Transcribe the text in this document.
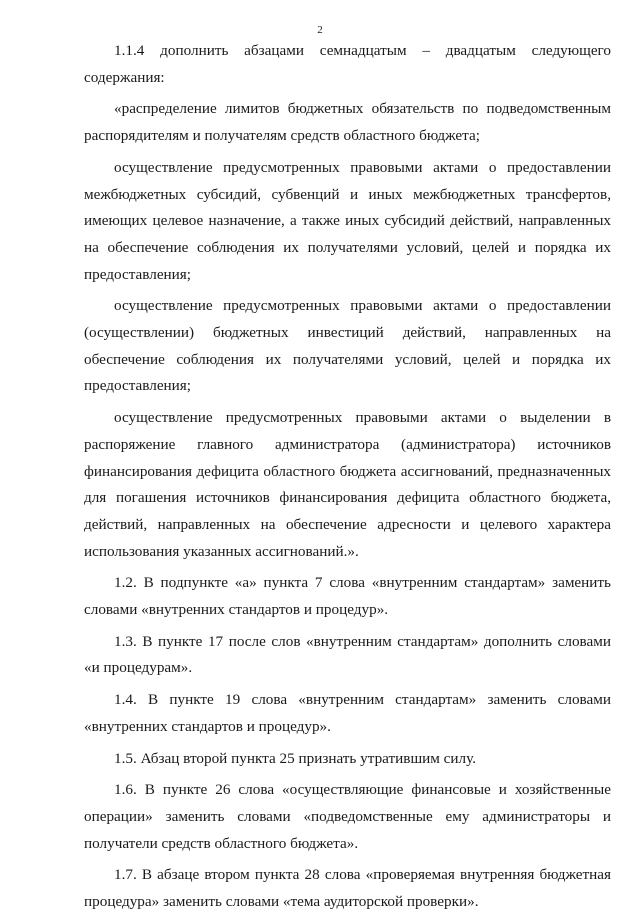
2

1.1.4 дополнить абзацами семнадцатым – двадцатым следующего содержания:

«распределение лимитов бюджетных обязательств по подведомственным распорядителям и получателям средств областного бюджета;

осуществление предусмотренных правовыми актами о предоставлении межбюджетных субсидий, субвенций и иных межбюджетных трансфертов, имеющих целевое назначение, а также иных субсидий действий, направленных на обеспечение соблюдения их получателями условий, целей и порядка их предоставления;

осуществление предусмотренных правовыми актами о предоставлении (осуществлении) бюджетных инвестиций действий, направленных на обеспечение соблюдения их получателями условий, целей и порядка их предоставления;

осуществление предусмотренных правовыми актами о выделении в распоряжение главного администратора (администратора) источников финансирования дефицита областного бюджета ассигнований, предназначенных для погашения источников финансирования дефицита областного бюджета, действий, направленных на обеспечение адресности и целевого характера использования указанных ассигнований.».

1.2. В подпункте «а» пункта 7 слова «внутренним стандартам» заменить словами «внутренних стандартов и процедур».

1.3. В пункте 17 после слов «внутренним стандартам» дополнить словами «и процедурам».

1.4. В пункте 19 слова «внутренним стандартам» заменить словами «внутренних стандартов и процедур».

1.5. Абзац второй пункта 25 признать утратившим силу.

1.6. В пункте 26 слова «осуществляющие финансовые и хозяйственные операции» заменить словами «подведомственные ему администраторы и получатели средств областного бюджета».

1.7. В абзаце втором пункта 28 слова «проверяемая внутренняя бюджетная процедура» заменить словами «тема аудиторской проверки».
